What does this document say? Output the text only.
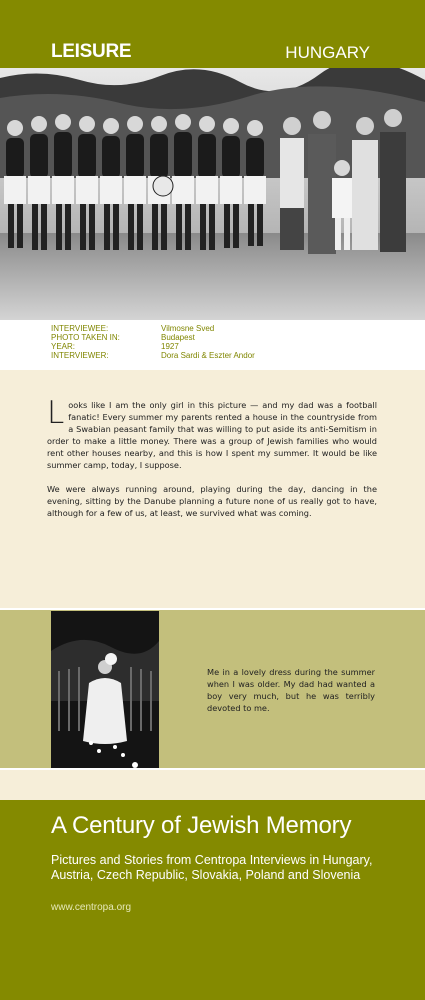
LEISURE	HUNGARY
INTERVIEWEE:	Vilmosne Sved
PHOTO TAKEN IN:	Budapest
YEAR:	1927
INTERVIEWER:	Dora Sardi & Eszter Andor

Looks like I am the only girl in this picture — and my dad was a football fanatic! Every summer my parents rented a house in the countryside from a Swabian peasant family that was willing to put aside its anti-Semitism in order to make a little money. There was a group of Jewish families who would rent other houses nearby, and this is how I spent my summer. It would be like summer camp, today, I suppose.

We were always running around, playing during the day, dancing in the evening, sitting by the Danube planning a future none of us really got to have, although for a few of us, at least, we survived what was coming.

Me in a lovely dress during the summer when I was older. My dad had wanted a boy very much, but he was terribly devoted to me.
A Century of Jewish Memory
Pictures and Stories from Centropa Interviews in Hungary, Austria, Czech Republic, Slovakia, Poland and Slovenia
www.centropa.org
